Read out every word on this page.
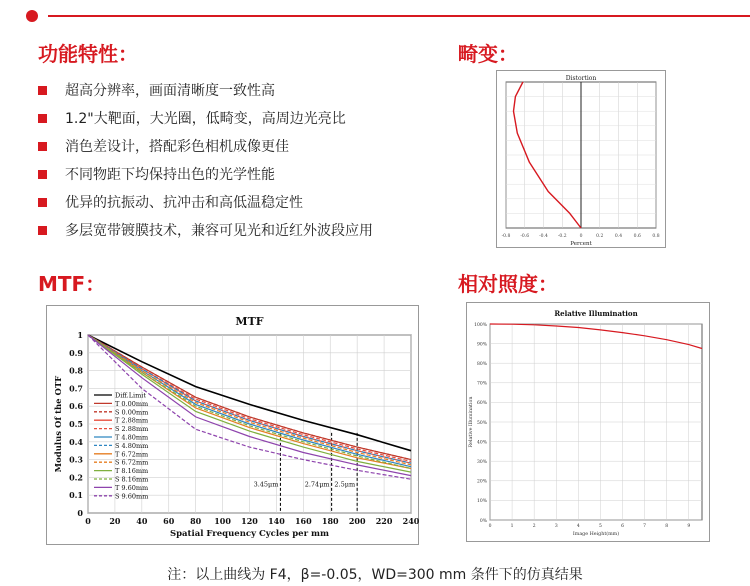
功能特性：	畸变：
MTF：	相对照度：
超高分辨率，画面清晰度一致性高
1.2"大靶面，大光圈，低畸变，高周边光亮比
消色差设计，搭配彩色相机成像更佳
不同物距下均保持出色的光学性能
优异的抗振动、抗冲击和高低温稳定性
多层宽带镀膜技术，兼容可见光和近红外波段应用
Distortion
-0.8 -0.6 -0.4 -0.2	0	0.2	0.4	0.6	0.8
Percent
MTF
0 20 40 60 80 100 120 140 160 180 200 220 240
0
0.1
0.2
0.3
0.4
0.5
0.6
0.7
0.8
0.9
1
Spatial Frequency Cycles per mm
Modulus Of the OTF
3.45μm	2.74μm 2.5μm
Diff.Limit
T 0.00mm
S 0.00mm
T 2.88mm
S 2.88mm
T 4.80mm
S 4.80mm
T 6.72mm
S 6.72mm
T 8.16mm
S 8.16mm
T 9.60mm
S 9.60mm
Relative Illumination
0	1	2	3	4	5	6	7	8	9
0%
10%
20%
30%
40%
50%
60%
70%
80%
90%
100%
Image Height(mm)
Relative Illumination
注：以上曲线为 F4，β=-0.05，WD=300 mm 条件下的仿真结果
